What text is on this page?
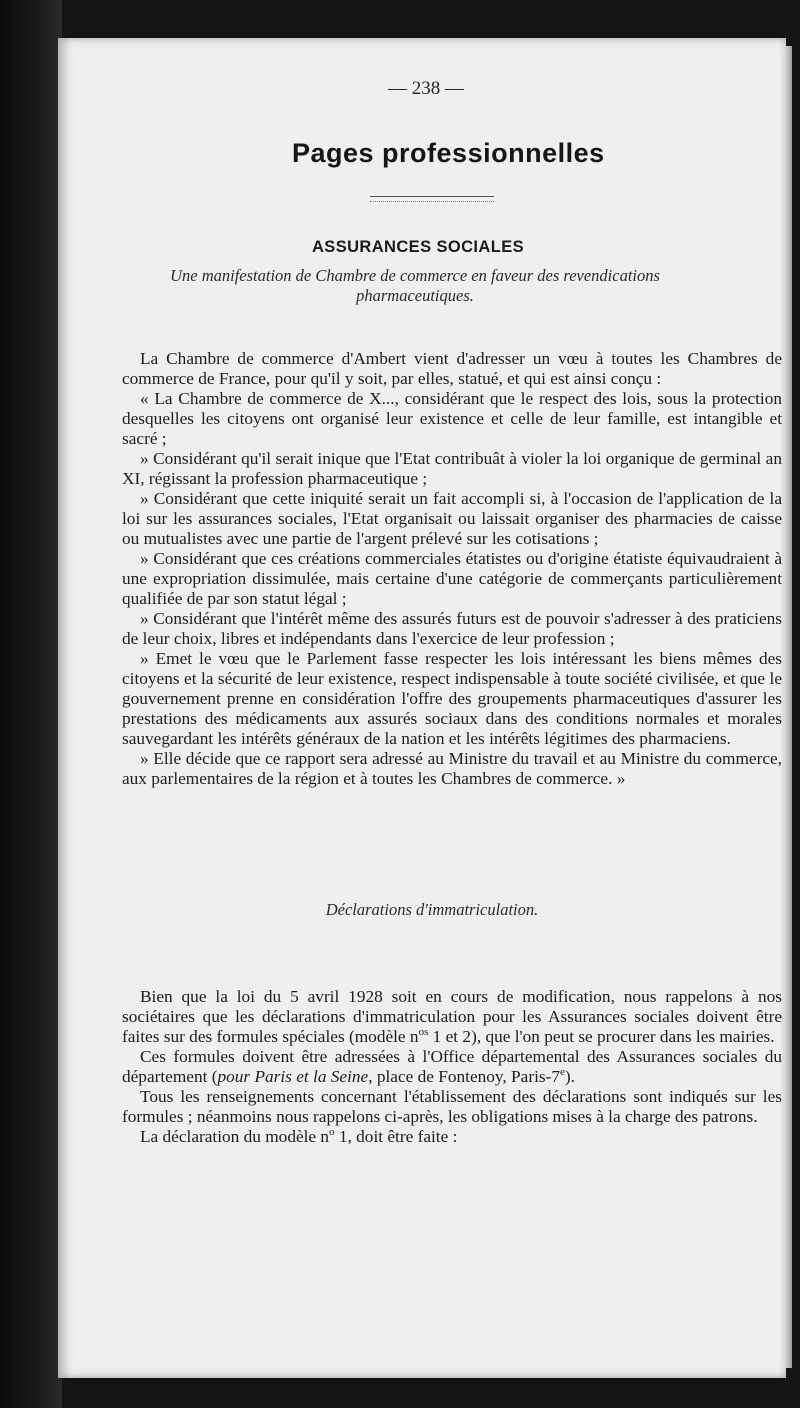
— 238 —
Pages professionnelles
ASSURANCES SOCIALES
Une manifestation de Chambre de commerce en faveur des revendications pharmaceutiques.

La Chambre de commerce d'Ambert vient d'adresser un vœu à toutes les Chambres de commerce de France, pour qu'il y soit, par elles, statué, et qui est ainsi conçu :

« La Chambre de commerce de X..., considérant que le respect des lois, sous la protection desquelles les citoyens ont organisé leur existence et celle de leur famille, est intangible et sacré ;

» Considérant qu'il serait inique que l'Etat contribuât à violer la loi organique de germinal an XI, régissant la profession pharmaceutique ;

» Considérant que cette iniquité serait un fait accompli si, à l'occasion de l'application de la loi sur les assurances sociales, l'Etat organisait ou laissait organiser des pharmacies de caisse ou mutualistes avec une partie de l'argent prélevé sur les cotisations ;

» Considérant que ces créations commerciales étatistes ou d'origine étatiste équivaudraient à une expropriation dissimulée, mais certaine d'une catégorie de commerçants particulièrement qualifiée de par son statut légal ;

» Considérant que l'intérêt même des assurés futurs est de pouvoir s'adresser à des praticiens de leur choix, libres et indépendants dans l'exercice de leur profession ;

» Emet le vœu que le Parlement fasse respecter les lois intéressant les biens mêmes des citoyens et la sécurité de leur existence, respect indispensable à toute société civilisée, et que le gouvernement prenne en considération l'offre des groupements pharmaceutiques d'assurer les prestations des médicaments aux assurés sociaux dans des conditions normales et morales sauvegardant les intérêts généraux de la nation et les intérêts légitimes des pharmaciens.

» Elle décide que ce rapport sera adressé au Ministre du travail et au Ministre du commerce, aux parlementaires de la région et à toutes les Chambres de commerce. »

Déclarations d'immatriculation.

Bien que la loi du 5 avril 1928 soit en cours de modification, nous rappelons à nos sociétaires que les déclarations d'immatriculation pour les Assurances sociales doivent être faites sur des formules spéciales (modèle $n^{os}$ 1 et 2), que l'on peut se procurer dans les mairies.

Ces formules doivent être adressées à l'Office départemental des Assurances sociales du département (pour Paris et la Seine, place de Fontenoy, Paris-7e).

Tous les renseignements concernant l'établissement des déclarations sont indiqués sur les formules ; néanmoins nous rappelons ci-après, les obligations mises à la charge des patrons.

La déclaration du modèle $n^o$ 1, doit être faite :
